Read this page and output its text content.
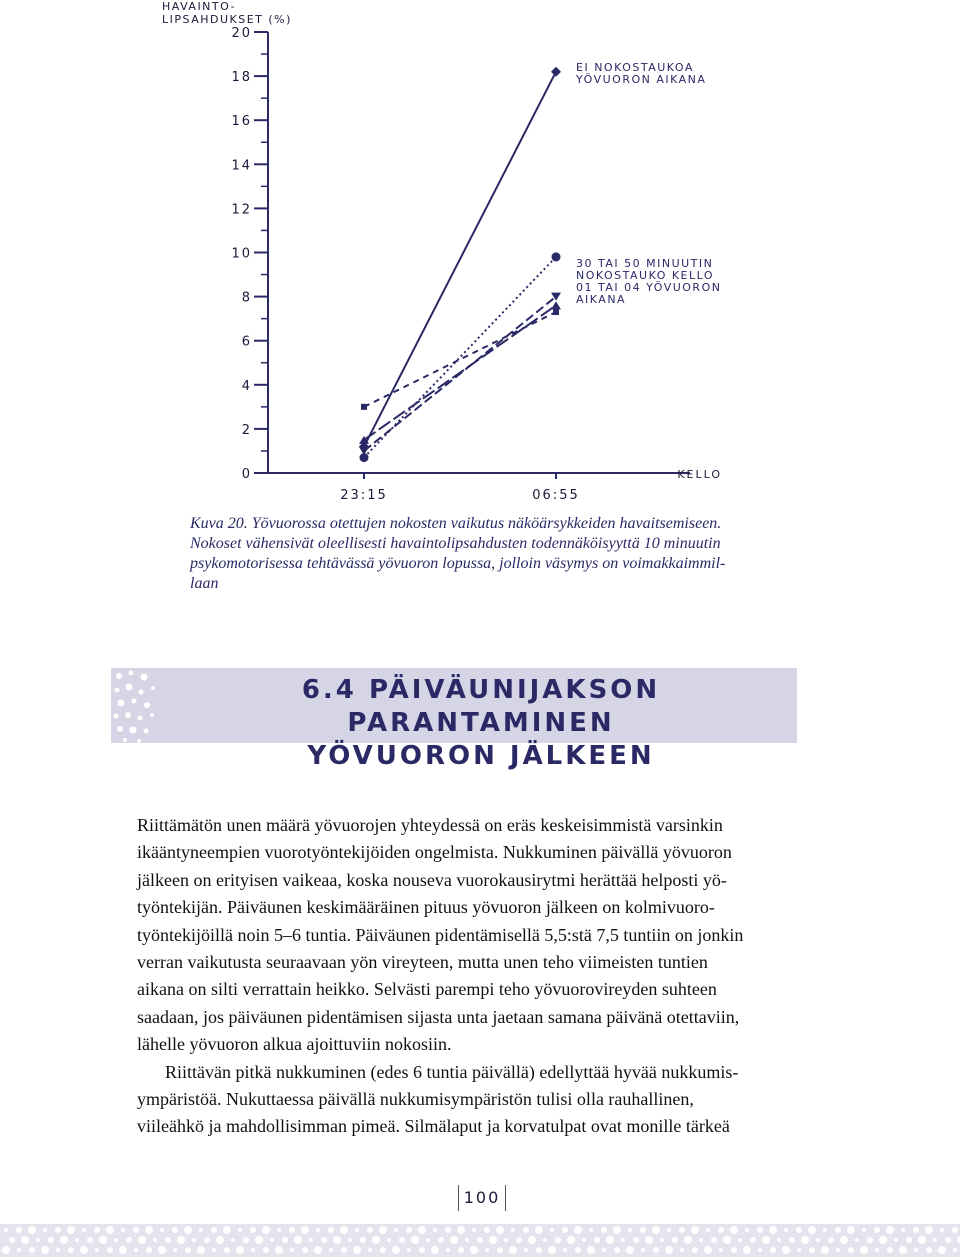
0
2
4
6
8
10
12
14
16
18
20
23:15	06:55
KELLO
HAVAINTO-
LIPSAHDUKSET (%)
EI NOKOSTAUKOA
YÖVUORON AIKANA
30 TAI 50 MINUUTIN
NOKOSTAUKO KELLO
01 TAI 04 YÖVUORON
AIKANA
Kuva 20. Yövuorossa otettujen nokosten vaikutus näköärsykkeiden havaitsemiseen.
Nokoset vähensivät oleellisesti havaintolipsahdusten todennäköisyyttä 10 minuutin
psykomotorisessa tehtävässä yövuoron lopussa, jolloin väsymys on voimakkaimmil-
laan
6.4 PÄIVÄUNIJAKSON PARANTAMINEN
YÖVUORON JÄLKEEN

Riittämätön unen määrä yövuorojen yhteydessä on eräs keskeisimmistä varsinkin
ikääntyneempien vuorotyöntekijöiden ongelmista. Nukkuminen päivällä yövuoron
jälkeen on erityisen vaikeaa, koska nouseva vuorokausirytmi herättää helposti yö-
työntekijän. Päiväunen keskimääräinen pituus yövuoron jälkeen on kolmivuoro-
työntekijöillä noin 5–6 tuntia. Päiväunen pidentämisellä 5,5:stä 7,5 tuntiin on jonkin
verran vaikutusta seuraavaan yön vireyteen, mutta unen teho viimeisten tuntien
aikana on silti verrattain heikko. Selvästi parempi teho yövuorovireyden suhteen
saadaan, jos päiväunen pidentämisen sijasta unta jaetaan samana päivänä otettaviin,
lähelle yövuoron alkua ajoittuviin nokosiin.

Riittävän pitkä nukkuminen (edes 6 tuntia päivällä) edellyttää hyvää nukkumis-
ympäristöä. Nukuttaessa päivällä nukkumisympäristön tulisi olla rauhallinen,
viileähkö ja mahdollisimman pimeä. Silmälaput ja korvatulpat ovat monille tärkeä

100
